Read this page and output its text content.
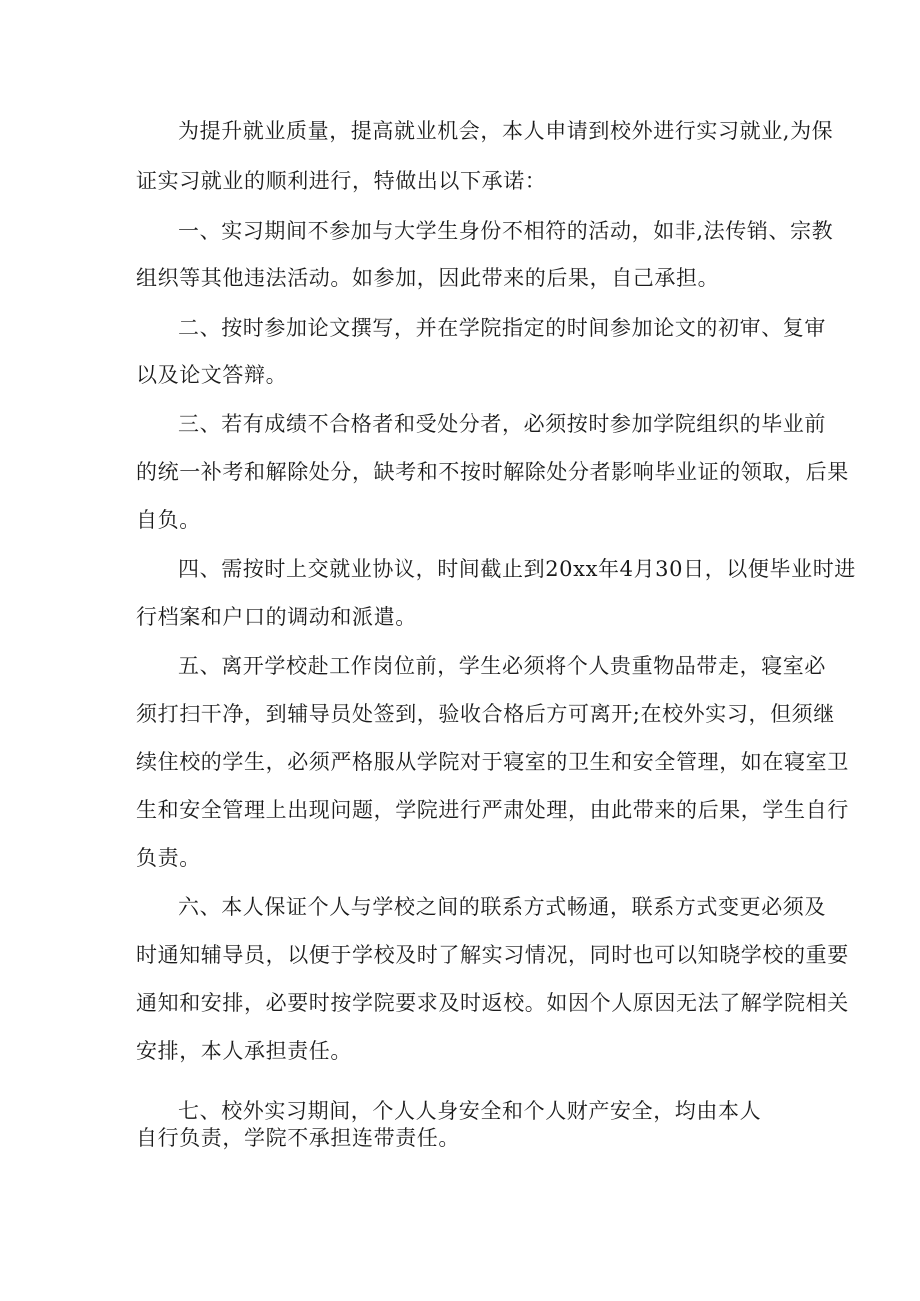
为提升就业质量，提高就业机会，本人申请到校外进行实习就业,为保
证实习就业的顺利进行，特做出以下承诺：
一、实习期间不参加与大学生身份不相符的活动，如非,法传销、宗教
组织等其他违法活动。如参加，因此带来的后果，自己承担。
二、按时参加论文撰写，并在学院指定的时间参加论文的初审、复审
以及论文答辩。
三、若有成绩不合格者和受处分者，必须按时参加学院组织的毕业前
的统一补考和解除处分，缺考和不按时解除处分者影响毕业证的领取，后果
自负。
四、需按时上交就业协议，时间截止到20xx年4月30日，以便毕业时进
行档案和户口的调动和派遣。
五、离开学校赴工作岗位前，学生必须将个人贵重物品带走，寝室必
须打扫干净，到辅导员处签到，验收合格后方可离开;在校外实习，但须继
续住校的学生，必须严格服从学院对于寝室的卫生和安全管理，如在寝室卫
生和安全管理上出现问题，学院进行严肃处理，由此带来的后果，学生自行
负责。
六、本人保证个人与学校之间的联系方式畅通，联系方式变更必须及
时通知辅导员，以便于学校及时了解实习情况，同时也可以知晓学校的重要
通知和安排，必要时按学院要求及时返校。如因个人原因无法了解学院相关
安排，本人承担责任。
七、校外实习期间，个人人身安全和个人财产安全，均由本人
自行负责，学院不承担连带责任。
